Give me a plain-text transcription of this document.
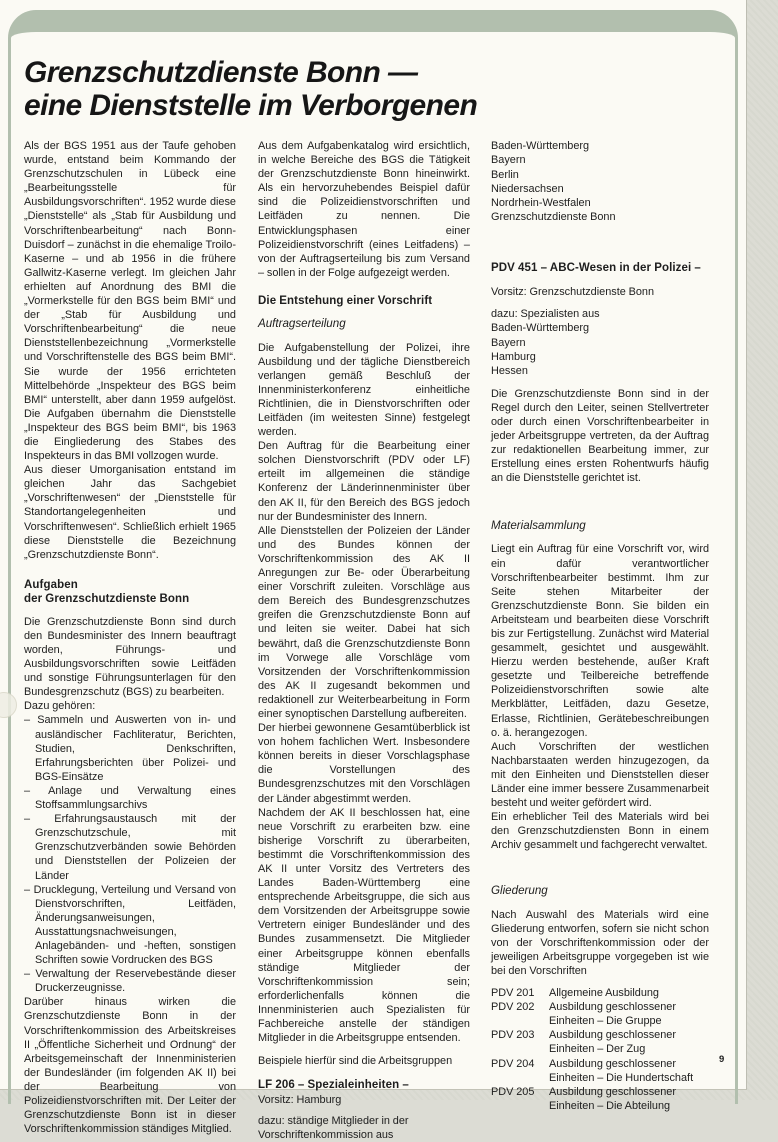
Grenzschutzdienste Bonn —
eine Dienststelle im Verborgenen
Als der BGS 1951 aus der Taufe gehoben wurde, entstand beim Kommando der Grenzschutzschulen in Lübeck eine „Bearbeitungsstelle für Ausbildungsvorschriften“. 1952 wurde diese „Dienststelle“ als „Stab für Ausbildung und Vorschriftenbearbeitung“ nach Bonn-Duisdorf – zunächst in die ehemalige Troilo-Kaserne – und ab 1956 in die frühere Gallwitz-Kaserne verlegt. Im gleichen Jahr erhielten auf Anordnung des BMI die „Vormerkstelle für den BGS beim BMI“ und der „Stab für Ausbildung und Vorschriftenbearbeitung“ die neue Dienststellenbezeichnung „Vormerkstelle und Vorschriftenstelle des BGS beim BMI“. Sie wurde der 1956 errichteten Mittelbehörde „Inspekteur des BGS beim BMI“ unterstellt, aber dann 1959 aufgelöst. Die Aufgaben übernahm die Dienststelle „Inspekteur des BGS beim BMI“, bis 1963 die Eingliederung des Stabes des Inspekteurs in das BMI vollzogen wurde.
Aus dieser Umorganisation entstand im gleichen Jahr das Sachgebiet „Vorschriftenwesen“ der „Dienststelle für Standortangelegenheiten und Vorschriftenwesen“. Schließlich erhielt 1965 diese Dienststelle die Bezeichnung „Grenzschutzdienste Bonn“.
Aufgaben
der Grenzschutzdienste Bonn
Die Grenzschutzdienste Bonn sind durch den Bundesminister des Innern beauftragt worden, Führungs- und Ausbildungsvorschriften sowie Leitfäden und sonstige Führungsunterlagen für den Bundesgrenzschutz (BGS) zu bearbeiten.
Dazu gehören:
– Sammeln und Auswerten von in- und ausländischer Fachliteratur, Berichten, Studien, Denkschriften, Erfahrungsberichten über Polizei- und BGS-Einsätze
– Anlage und Verwaltung eines Stoffsammlungsarchivs
– Erfahrungsaustausch mit der Grenzschutzschule, mit Grenzschutzverbänden sowie Behörden und Dienststellen der Polizeien der Länder
– Drucklegung, Verteilung und Versand von Dienstvorschriften, Leitfäden, Änderungsanweisungen, Ausstattungsnachweisungen, Anlagebänden- und -heften, sonstigen Schriften sowie Vordrucken des BGS
– Verwaltung der Reservebestände dieser Druckerzeugnisse.
Darüber hinaus wirken die Grenzschutzdienste Bonn in der Vorschriftenkommission des Arbeitskreises II „Öffentliche Sicherheit und Ordnung“ der Arbeitsgemeinschaft der Innenministerien der Bundesländer (im folgenden AK II) bei der Bearbeitung von Polizeidienstvorschriften mit. Der Leiter der Grenzschutzdienste Bonn ist in dieser Vorschriftenkommission ständiges Mitglied.
Aus dem Aufgabenkatalog wird ersichtlich, in welche Bereiche des BGS die Tätigkeit der Grenzschutzdienste Bonn hineinwirkt. Als ein hervorzuhebendes Beispiel dafür sind die Polizeidienstvorschriften und Leitfäden zu nennen. Die Entwicklungsphasen einer Polizeidienstvorschrift (eines Leitfadens) – von der Auftragserteilung bis zum Versand – sollen in der Folge aufgezeigt werden.
Die Entstehung einer Vorschrift
Auftragserteilung
Die Aufgabenstellung der Polizei, ihre Ausbildung und der tägliche Dienstbereich verlangen gemäß Beschluß der Innenministerkonferenz einheitliche Richtlinien, die in Dienstvorschriften oder Leitfäden (im weitesten Sinne) festgelegt werden.
Den Auftrag für die Bearbeitung einer solchen Dienstvorschrift (PDV oder LF) erteilt im allgemeinen die ständige Konferenz der Länderinnenminister über den AK II, für den Bereich des BGS jedoch nur der Bundesminister des Innern.
Alle Dienststellen der Polizeien der Länder und des Bundes können der Vorschriftenkommission des AK II Anregungen zur Be- oder Überarbeitung einer Vorschrift zuleiten. Vorschläge aus dem Bereich des Bundesgrenzschutzes greifen die Grenzschutzdienste Bonn auf und leiten sie weiter. Dabei hat sich bewährt, daß die Grenzschutzdienste Bonn im Vorwege alle Vorschläge vom Vorsitzenden der Vorschriftenkommission des AK II zugesandt bekommen und redaktionell zur Weiterbearbeitung in Form einer synoptischen Darstellung aufbereiten.
Der hierbei gewonnene Gesamtüberblick ist von hohem fachlichen Wert. Insbesondere können bereits in dieser Vorschlagsphase die Vorstellungen des Bundesgrenzschutzes mit den Vorschlägen der Länder abgestimmt werden.
Nachdem der AK II beschlossen hat, eine neue Vorschrift zu erarbeiten bzw. eine bisherige Vorschrift zu überarbeiten, bestimmt die Vorschriftenkommission des AK II unter Vorsitz des Vertreters des Landes Baden-Württemberg eine entsprechende Arbeitsgruppe, die sich aus dem Vorsitzenden der Arbeitsgruppe sowie Vertretern einiger Bundesländer und des Bundes zusammensetzt. Die Mitglieder einer Arbeitsgruppe können ebenfalls ständige Mitglieder der Vorschriftenkommission sein; erforderlichenfalls können die Innenministerien auch Spezialisten für Fachbereiche anstelle der ständigen Mitglieder in die Arbeitsgruppe entsenden.
Beispiele hierfür sind die Arbeitsgruppen
LF 206 – Spezialeinheiten –
Vorsitz: Hamburg
dazu: ständige Mitglieder in der Vorschriftenkommission aus
Baden-Württemberg
Bayern
Berlin
Niedersachsen
Nordrhein-Westfalen
Grenzschutzdienste Bonn
PDV 451 – ABC-Wesen in der Polizei –
Vorsitz: Grenzschutzdienste Bonn
dazu: Spezialisten aus
Baden-Württemberg
Bayern
Hamburg
Hessen
Die Grenzschutzdienste Bonn sind in der Regel durch den Leiter, seinen Stellvertreter oder durch einen Vorschriftenbearbeiter in jeder Arbeitsgruppe vertreten, da der Auftrag zur redaktionellen Bearbeitung immer, zur Erstellung eines ersten Rohentwurfs häufig an die Dienststelle gerichtet ist.
Materialsammlung
Liegt ein Auftrag für eine Vorschrift vor, wird ein dafür verantwortlicher Vorschriftenbearbeiter bestimmt. Ihm zur Seite stehen Mitarbeiter der Grenzschutzdienste Bonn. Sie bilden ein Arbeitsteam und bearbeiten diese Vorschrift bis zur Fertigstellung. Zunächst wird Material gesammelt, gesichtet und ausgewählt. Hierzu werden bestehende, außer Kraft gesetzte und Teilbereiche betreffende Polizeidienstvorschriften sowie alte Merkblätter, Leitfäden, dazu Gesetze, Erlasse, Richtlinien, Gerätebeschreibungen o. ä. herangezogen.
Auch Vorschriften der westlichen Nachbarstaaten werden hinzugezogen, da mit den Einheiten und Dienststellen dieser Länder eine immer bessere Zusammenarbeit besteht und weiter gefördert wird.
Ein erheblicher Teil des Materials wird bei den Grenzschutzdiensten Bonn in einem Archiv gesammelt und fachgerecht verwaltet.
Gliederung
Nach Auswahl des Materials wird eine Gliederung entworfen, sofern sie nicht schon von der Vorschriftenkommission oder der jeweiligen Arbeitsgruppe vorgegeben ist wie bei den Vorschriften
PDV 201	Allgemeine Ausbildung
PDV 202	Ausbildung geschlossener Einheiten – Die Gruppe
PDV 203	Ausbildung geschlossener Einheiten – Der Zug
PDV 204	Ausbildung geschlossener Einheiten – Die Hundertschaft
PDV 205	Ausbildung geschlossener Einheiten – Die Abteilung
9
